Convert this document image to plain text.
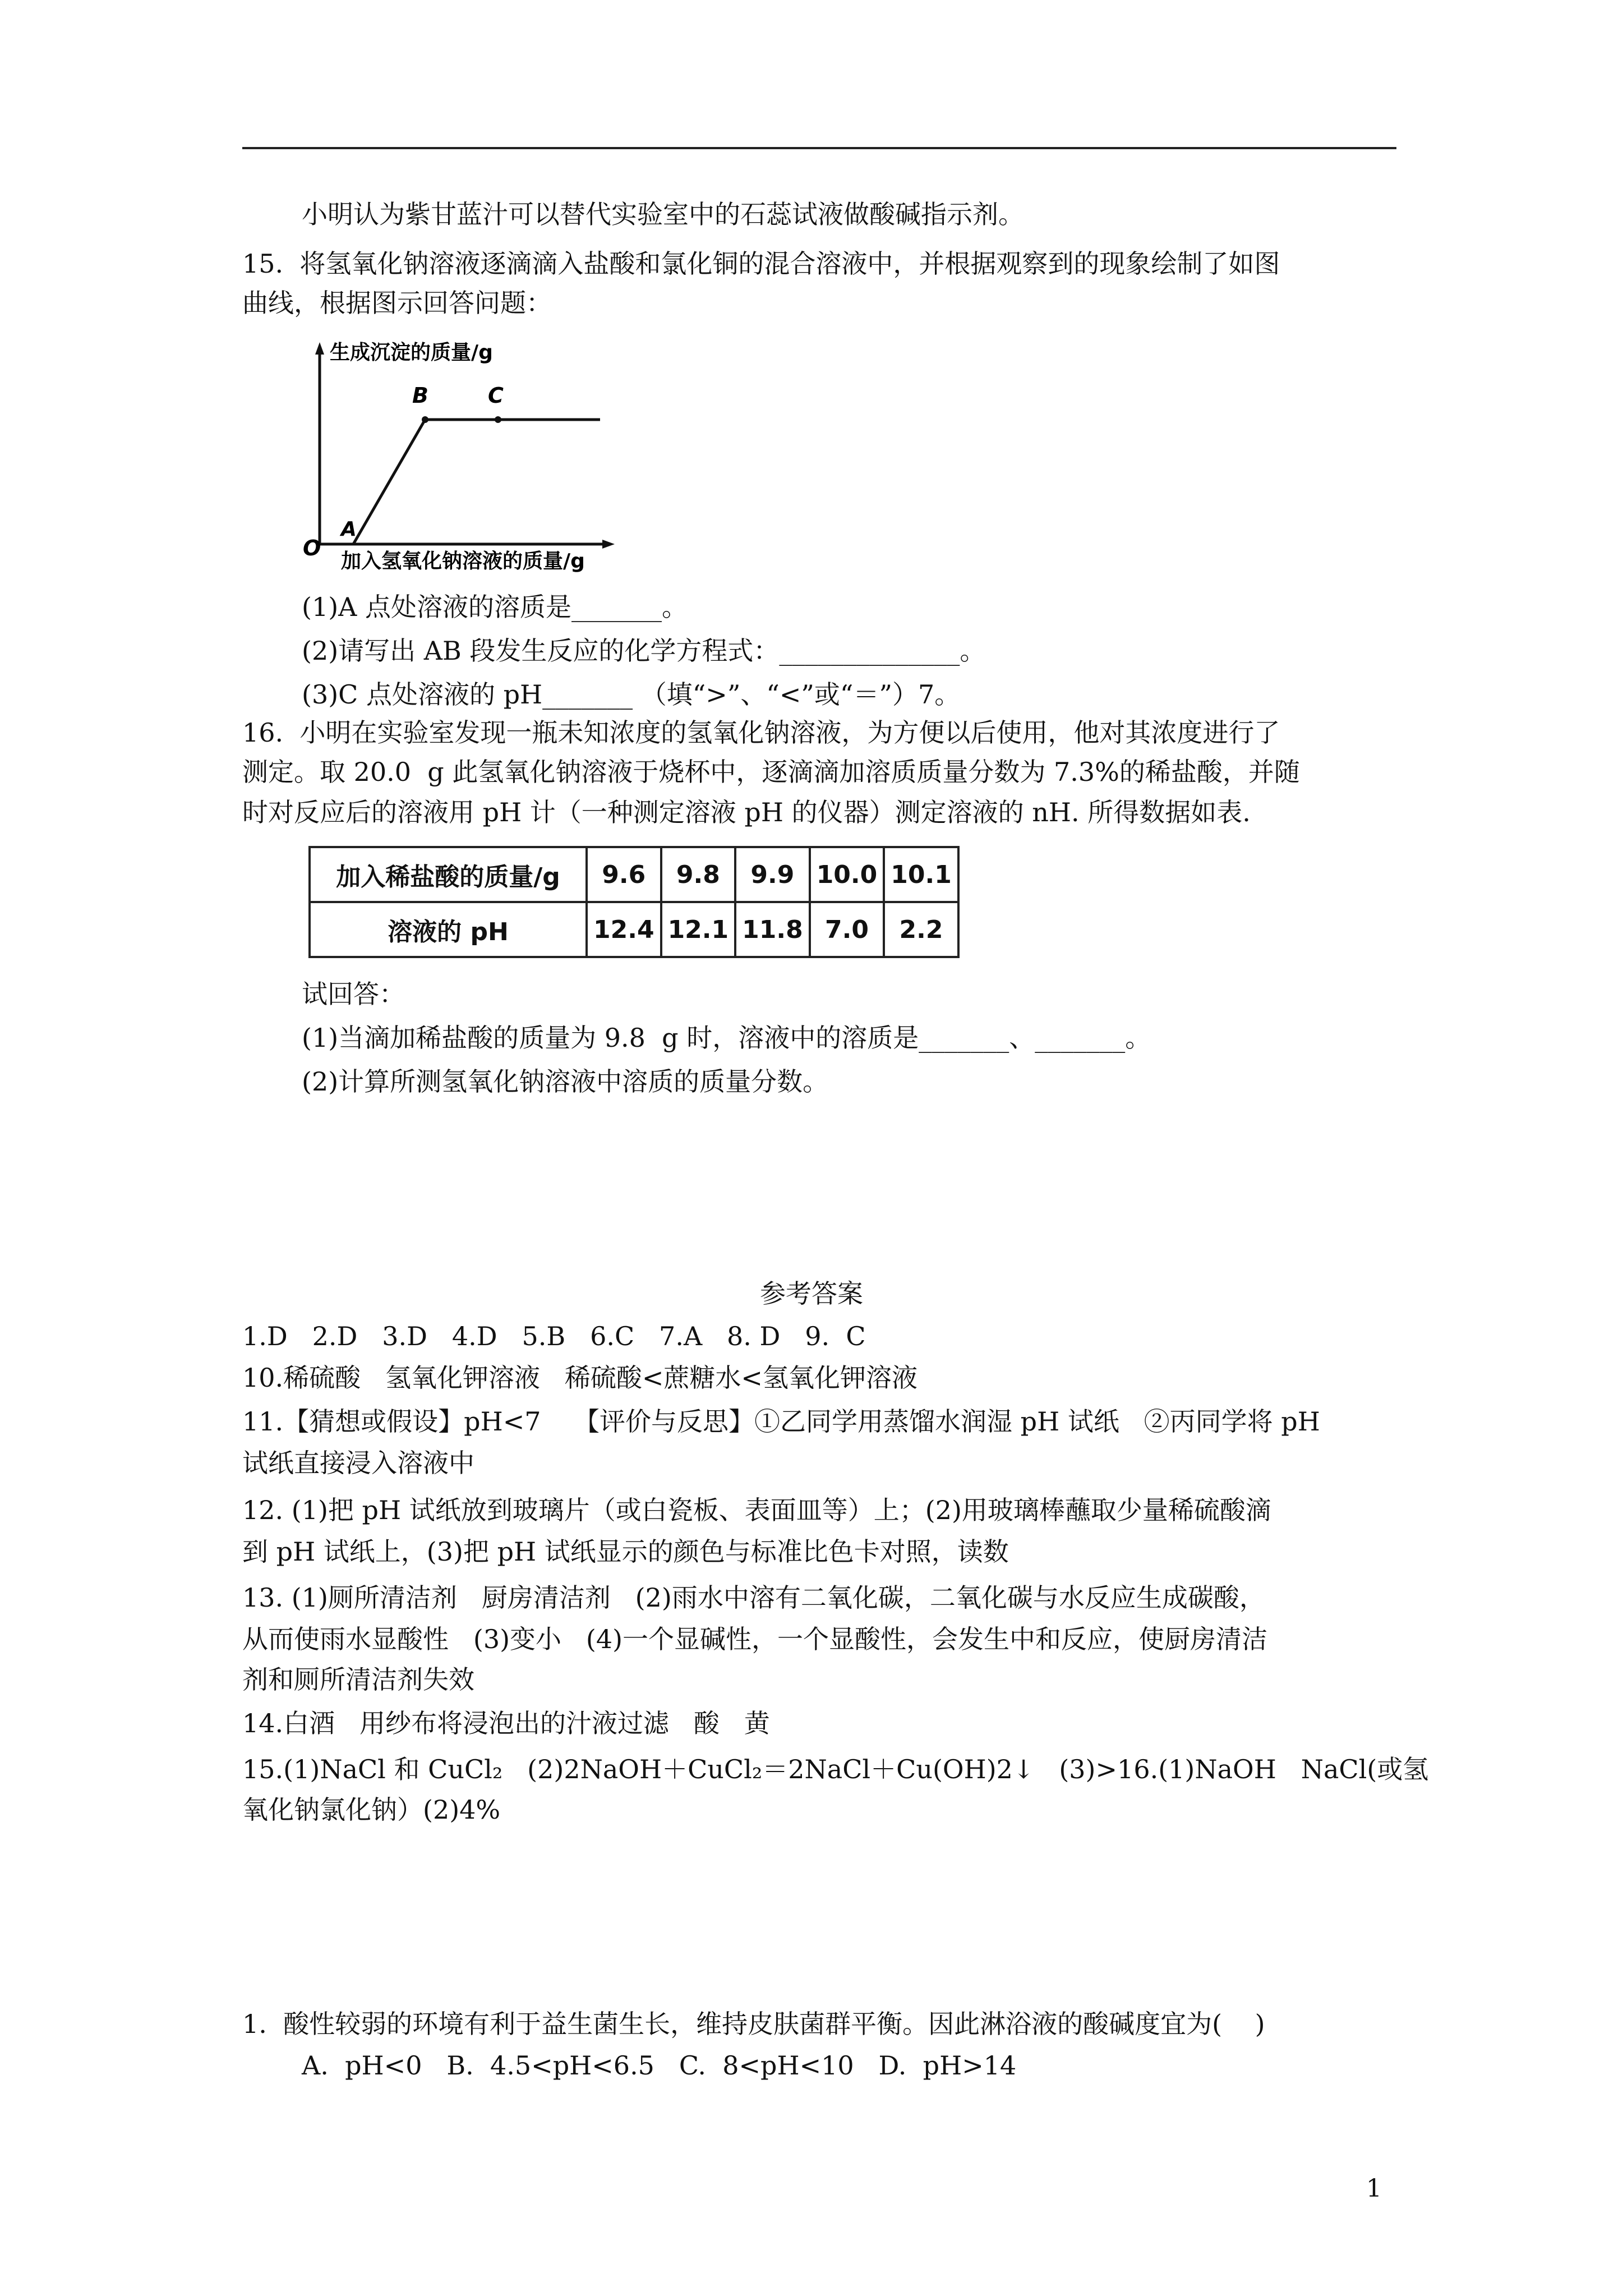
小明认为紫甘蓝汁可以替代实验室中的石蕊试液做酸碱指示剂。
15.  将氢氧化钠溶液逐滴滴入盐酸和氯化铜的混合溶液中，并根据观察到的现象绘制了如图
曲线，根据图示回答问题：
生成沉淀的质量/g
B	C
A
O
加入氢氧化钠溶液的质量/g
(1)A 点处溶液的溶质是_______。
(2)请写出 AB 段发生反应的化学方程式：______________。
(3)C 点处溶液的 pH_______ （填“>”、“<”或“＝”）7。
16.  小明在实验室发现一瓶未知浓度的氢氧化钠溶液，为方便以后使用，他对其浓度进行了
测定。取 20.0  g 此氢氧化钠溶液于烧杯中，逐滴滴加溶质质量分数为 7.3%的稀盐酸，并随
时对反应后的溶液用 pH 计（一种测定溶液 pH 的仪器）测定溶液的 nH. 所得数据如表.
加入稀盐酸的质量/g	9.6	9.8	9.9	10.0	10.1
溶液的 pH	12.4	12.1	11.8	7.0	2.2
试回答：
(1)当滴加稀盐酸的质量为 9.8  g 时，溶液中的溶质是_______、_______。
(2)计算所测氢氧化钠溶液中溶质的质量分数。
参考答案
1.D   2.D   3.D   4.D   5.B   6.C   7.A   8. D   9.  C
10.稀硫酸   氢氧化钾溶液   稀硫酸<蔗糖水<氢氧化钾溶液
11.【猜想或假设】pH<7    【评价与反思】①乙同学用蒸馏水润湿 pH 试纸   ②丙同学将 pH
试纸直接浸入溶液中
12. (1)把 pH 试纸放到玻璃片（或白瓷板、表面皿等）上；(2)用玻璃棒蘸取少量稀硫酸滴
到 pH 试纸上，(3)把 pH 试纸显示的颜色与标准比色卡对照，读数
13. (1)厕所清洁剂   厨房清洁剂   (2)雨水中溶有二氧化碳，二氧化碳与水反应生成碳酸，
从而使雨水显酸性   (3)变小   (4)一个显碱性，一个显酸性，会发生中和反应，使厨房清洁
剂和厕所清洁剂失效
14.白酒   用纱布将浸泡出的汁液过滤   酸   黄
15.(1)NaCl 和 CuCl₂   (2)2NaOH＋CuCl₂＝2NaCl＋Cu(OH)2↓   (3)>16.(1)NaOH   NaCl(或氢
氧化钠氯化钠）(2)4%
1.  酸性较弱的环境有利于益生菌生长，维持皮肤菌群平衡。因此淋浴液的酸碱度宜为(    )
A.  pH<0   B.  4.5<pH<6.5   C.  8<pH<10   D.  pH>14
1
